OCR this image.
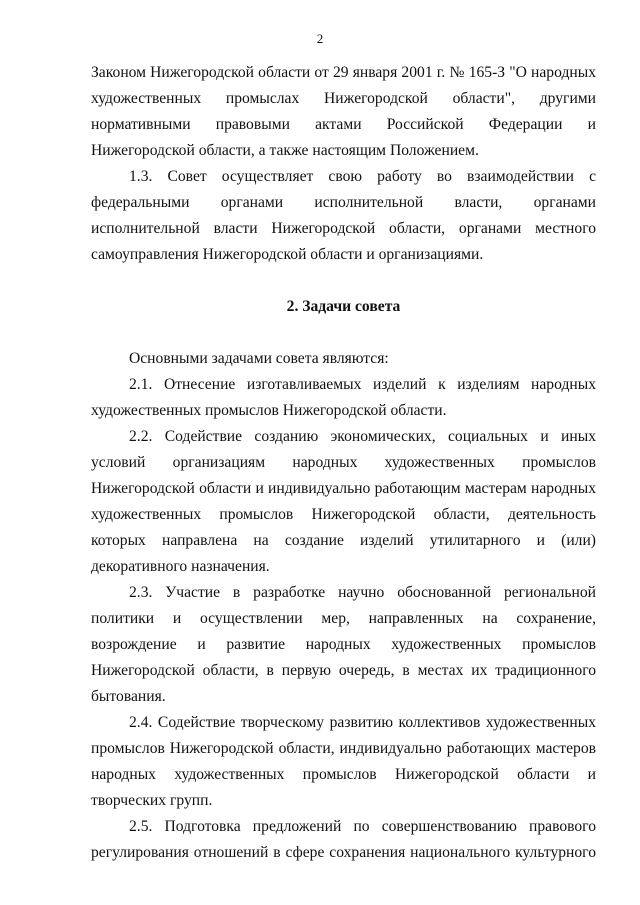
2

Законом Нижегородской области от 29 января 2001 г. № 165-З "О народных художественных промыслах Нижегородской области", другими нормативными правовыми актами Российской Федерации и Нижегородской области, а также настоящим Положением.

1.3. Совет осуществляет свою работу во взаимодействии с федеральными органами исполнительной власти, органами исполнительной власти Нижегородской области, органами местного самоуправления Нижегородской области и организациями.

2. Задачи совета

Основными задачами совета являются:

2.1. Отнесение изготавливаемых изделий к изделиям народных художественных промыслов Нижегородской области.

2.2. Содействие созданию экономических, социальных и иных условий организациям народных художественных промыслов Нижегородской области и индивидуально работающим мастерам народных художественных промыслов Нижегородской области, деятельность которых направлена на создание изделий утилитарного и (или) декоративного назначения.

2.3. Участие в разработке научно обоснованной региональной политики и осуществлении мер, направленных на сохранение, возрождение и развитие народных художественных промыслов Нижегородской области, в первую очередь, в местах их традиционного бытования.

2.4. Содействие творческому развитию коллективов художественных промыслов Нижегородской области, индивидуально работающих мастеров народных художественных промыслов Нижегородской области и творческих групп.

2.5. Подготовка предложений по совершенствованию правового регулирования отношений в сфере сохранения национального культурного
